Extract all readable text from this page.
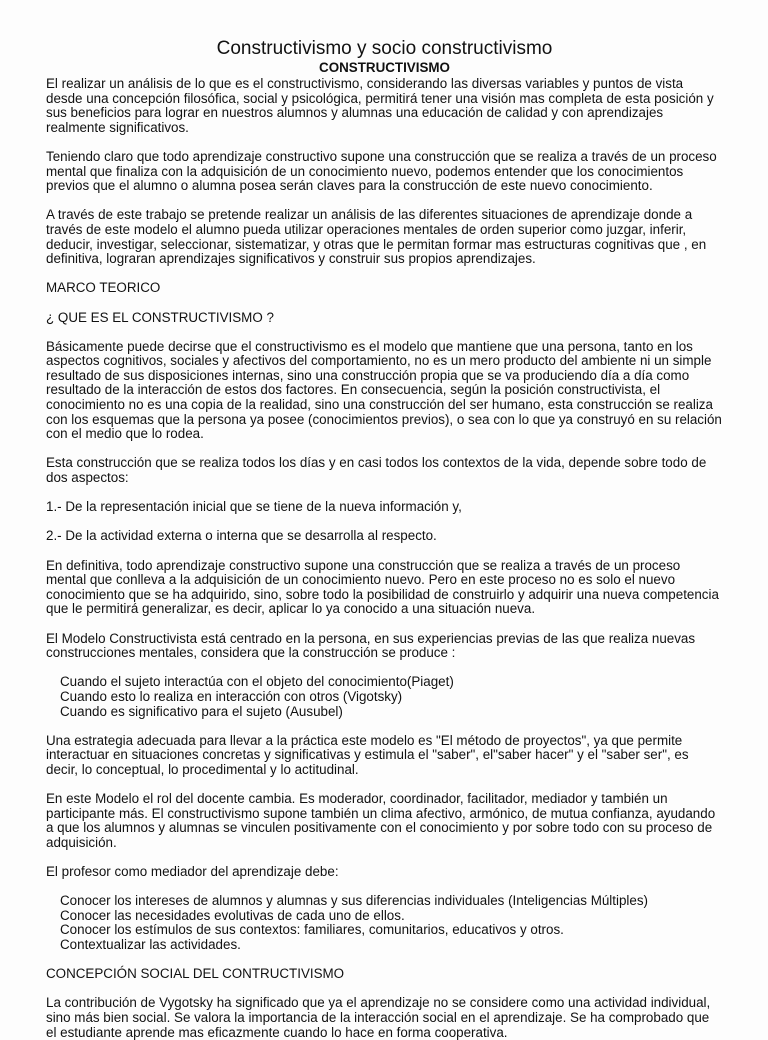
Constructivismo y socio constructivismo
CONSTRUCTIVISMO

El realizar un análisis de lo que es el constructivismo, considerando las diversas variables y puntos de vista desde una concepción filosófica, social y psicológica, permitirá tener una visión mas completa de esta posición y sus beneficios para lograr en nuestros alumnos y alumnas una educación de calidad y con aprendizajes realmente significativos.

Teniendo claro que todo aprendizaje constructivo supone una construcción que se realiza a través de un proceso mental que finaliza con la adquisición de un conocimiento nuevo, podemos entender que los conocimientos previos que el alumno o alumna posea serán claves para la construcción de este nuevo conocimiento.

A través de este trabajo se pretende realizar un análisis de las diferentes situaciones de aprendizaje donde a través de este modelo el alumno pueda utilizar operaciones mentales de orden superior como juzgar, inferir, deducir, investigar, seleccionar, sistematizar, y otras que le permitan formar mas estructuras cognitivas que , en definitiva, lograran aprendizajes significativos y construir sus propios aprendizajes.

MARCO TEORICO

¿ QUE ES EL CONSTRUCTIVISMO ?

Básicamente puede decirse que el constructivismo es el modelo que mantiene que una persona, tanto en los aspectos cognitivos, sociales y afectivos del comportamiento, no es un mero producto del ambiente ni un simple resultado de sus disposiciones internas, sino una construcción propia que se va produciendo día a día como resultado de la interacción de estos dos factores. En consecuencia, según la posición constructivista, el conocimiento no es una copia de la realidad, sino una construcción del ser humano, esta construcción se realiza con los esquemas que la persona ya posee (conocimientos previos), o sea con lo que ya construyó en su relación con el medio que lo rodea.

Esta construcción que se realiza todos los días y en casi todos los contextos de la vida, depende sobre todo de dos aspectos:

1.- De la representación inicial que se tiene de la nueva información y,

2.- De la actividad externa o interna que se desarrolla al respecto.

En definitiva, todo aprendizaje constructivo supone una construcción que se realiza a través de un proceso mental que conlleva a la adquisición de un conocimiento nuevo. Pero en este proceso no es solo el nuevo conocimiento que se ha adquirido, sino, sobre todo la posibilidad de construirlo y adquirir una nueva competencia que le permitirá generalizar, es decir, aplicar lo ya conocido a una situación nueva.

El Modelo Constructivista está centrado en la persona, en sus experiencias previas de las que realiza nuevas construcciones mentales, considera que la construcción se produce :

Cuando el sujeto interactúa con el objeto del conocimiento(Piaget)
Cuando esto lo realiza en interacción con otros (Vigotsky)
Cuando es significativo para el sujeto (Ausubel)

Una estrategia adecuada para llevar a la práctica este modelo es "El método de proyectos", ya que permite interactuar en situaciones concretas y significativas y estimula el "saber", el"saber hacer" y el "saber ser", es decir, lo conceptual, lo procedimental y lo actitudinal.

En este Modelo el rol del docente cambia. Es moderador, coordinador, facilitador, mediador y también un participante más. El constructivismo supone también un clima afectivo, armónico, de mutua confianza, ayudando a que los alumnos y alumnas se vinculen positivamente con el conocimiento y por sobre todo con su proceso de adquisición.

El profesor como mediador del aprendizaje debe:

Conocer los intereses de alumnos y alumnas y sus diferencias individuales (Inteligencias Múltiples)
Conocer las necesidades evolutivas de cada uno de ellos.
Conocer los estímulos de sus contextos: familiares, comunitarios, educativos y otros.
Contextualizar las actividades.

CONCEPCIÓN SOCIAL DEL CONTRUCTIVISMO

La contribución de Vygotsky ha significado que ya el aprendizaje no se considere como una actividad individual, sino más bien social. Se valora la importancia de la interacción social en el aprendizaje. Se ha comprobado que el estudiante aprende mas eficazmente cuando lo hace en forma cooperativa.
